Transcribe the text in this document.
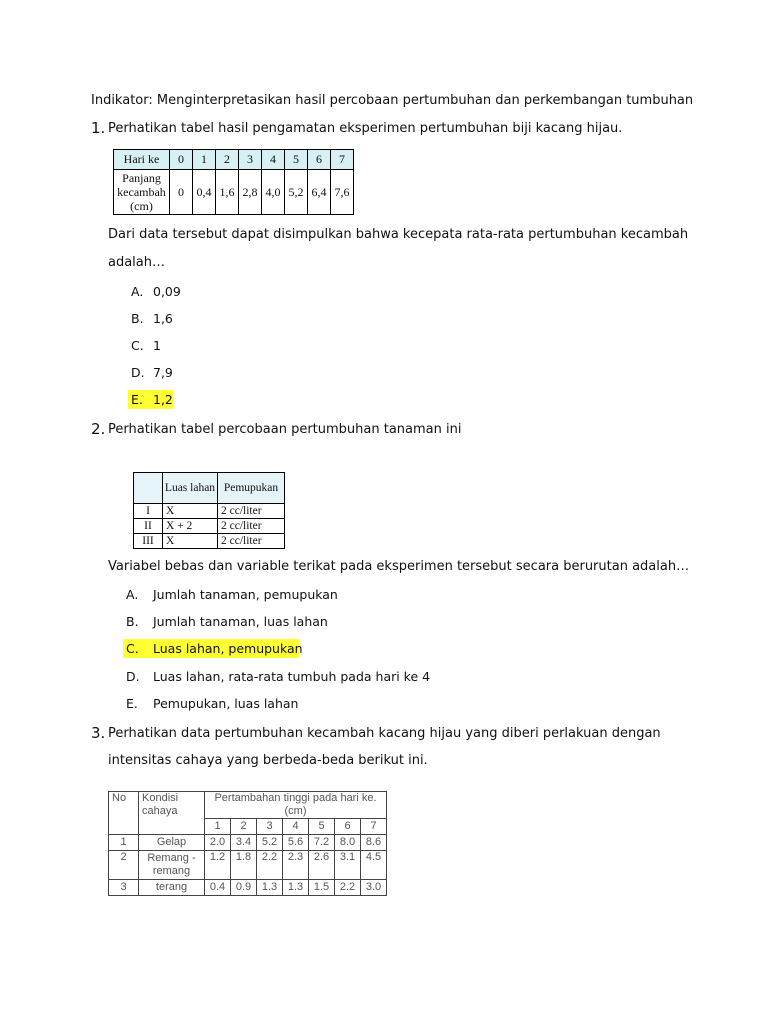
Indikator: Menginterpretasikan hasil percobaan pertumbuhan dan perkembangan tumbuhan
1. Perhatikan tabel hasil pengamatan eksperimen pertumbuhan biji kacang hijau.
Hari ke	0	1	2	3	4	5	6	7
Panjang
kecambah
(cm)	0	0,4	1,6	2,8	4,0	5,2	6,4	7,6
Dari data tersebut dapat disimpulkan bahwa kecepata rata-rata pertumbuhan kecambah
adalah…
A. 0,09
B. 1,6
C. 1
D. 7,9
E. 1,2
2. Perhatikan tabel percobaan pertumbuhan tanaman ini
	Luas lahan	Pemupukan
I	X	2 cc/liter
II	X + 2	2 cc/liter
III	X	2 cc/liter
Variabel bebas dan variable terikat pada eksperimen tersebut secara berurutan adalah…
A. Jumlah tanaman, pemupukan
B. Jumlah tanaman, luas lahan
C. Luas lahan, pemupukan
D. Luas lahan, rata-rata tumbuh pada hari ke 4
E. Pemupukan, luas lahan
3. Perhatikan data pertumbuhan kecambah kacang hijau yang diberi perlakuan dengan
intensitas cahaya yang berbeda-beda berikut ini.
No	Kondisi
cahaya	Pertambahan tinggi pada hari ke. (cm)						
		1	2	3	4	5	6	7
1	Gelap	2.0	3.4	5.2	5.6	7.2	8.0	8.6
2	Remang -
remang	1.2	1.8	2.2	2.3	2.6	3.1	4.5
3	terang	0.4	0.9	1.3	1.3	1.5	2.2	3.0
